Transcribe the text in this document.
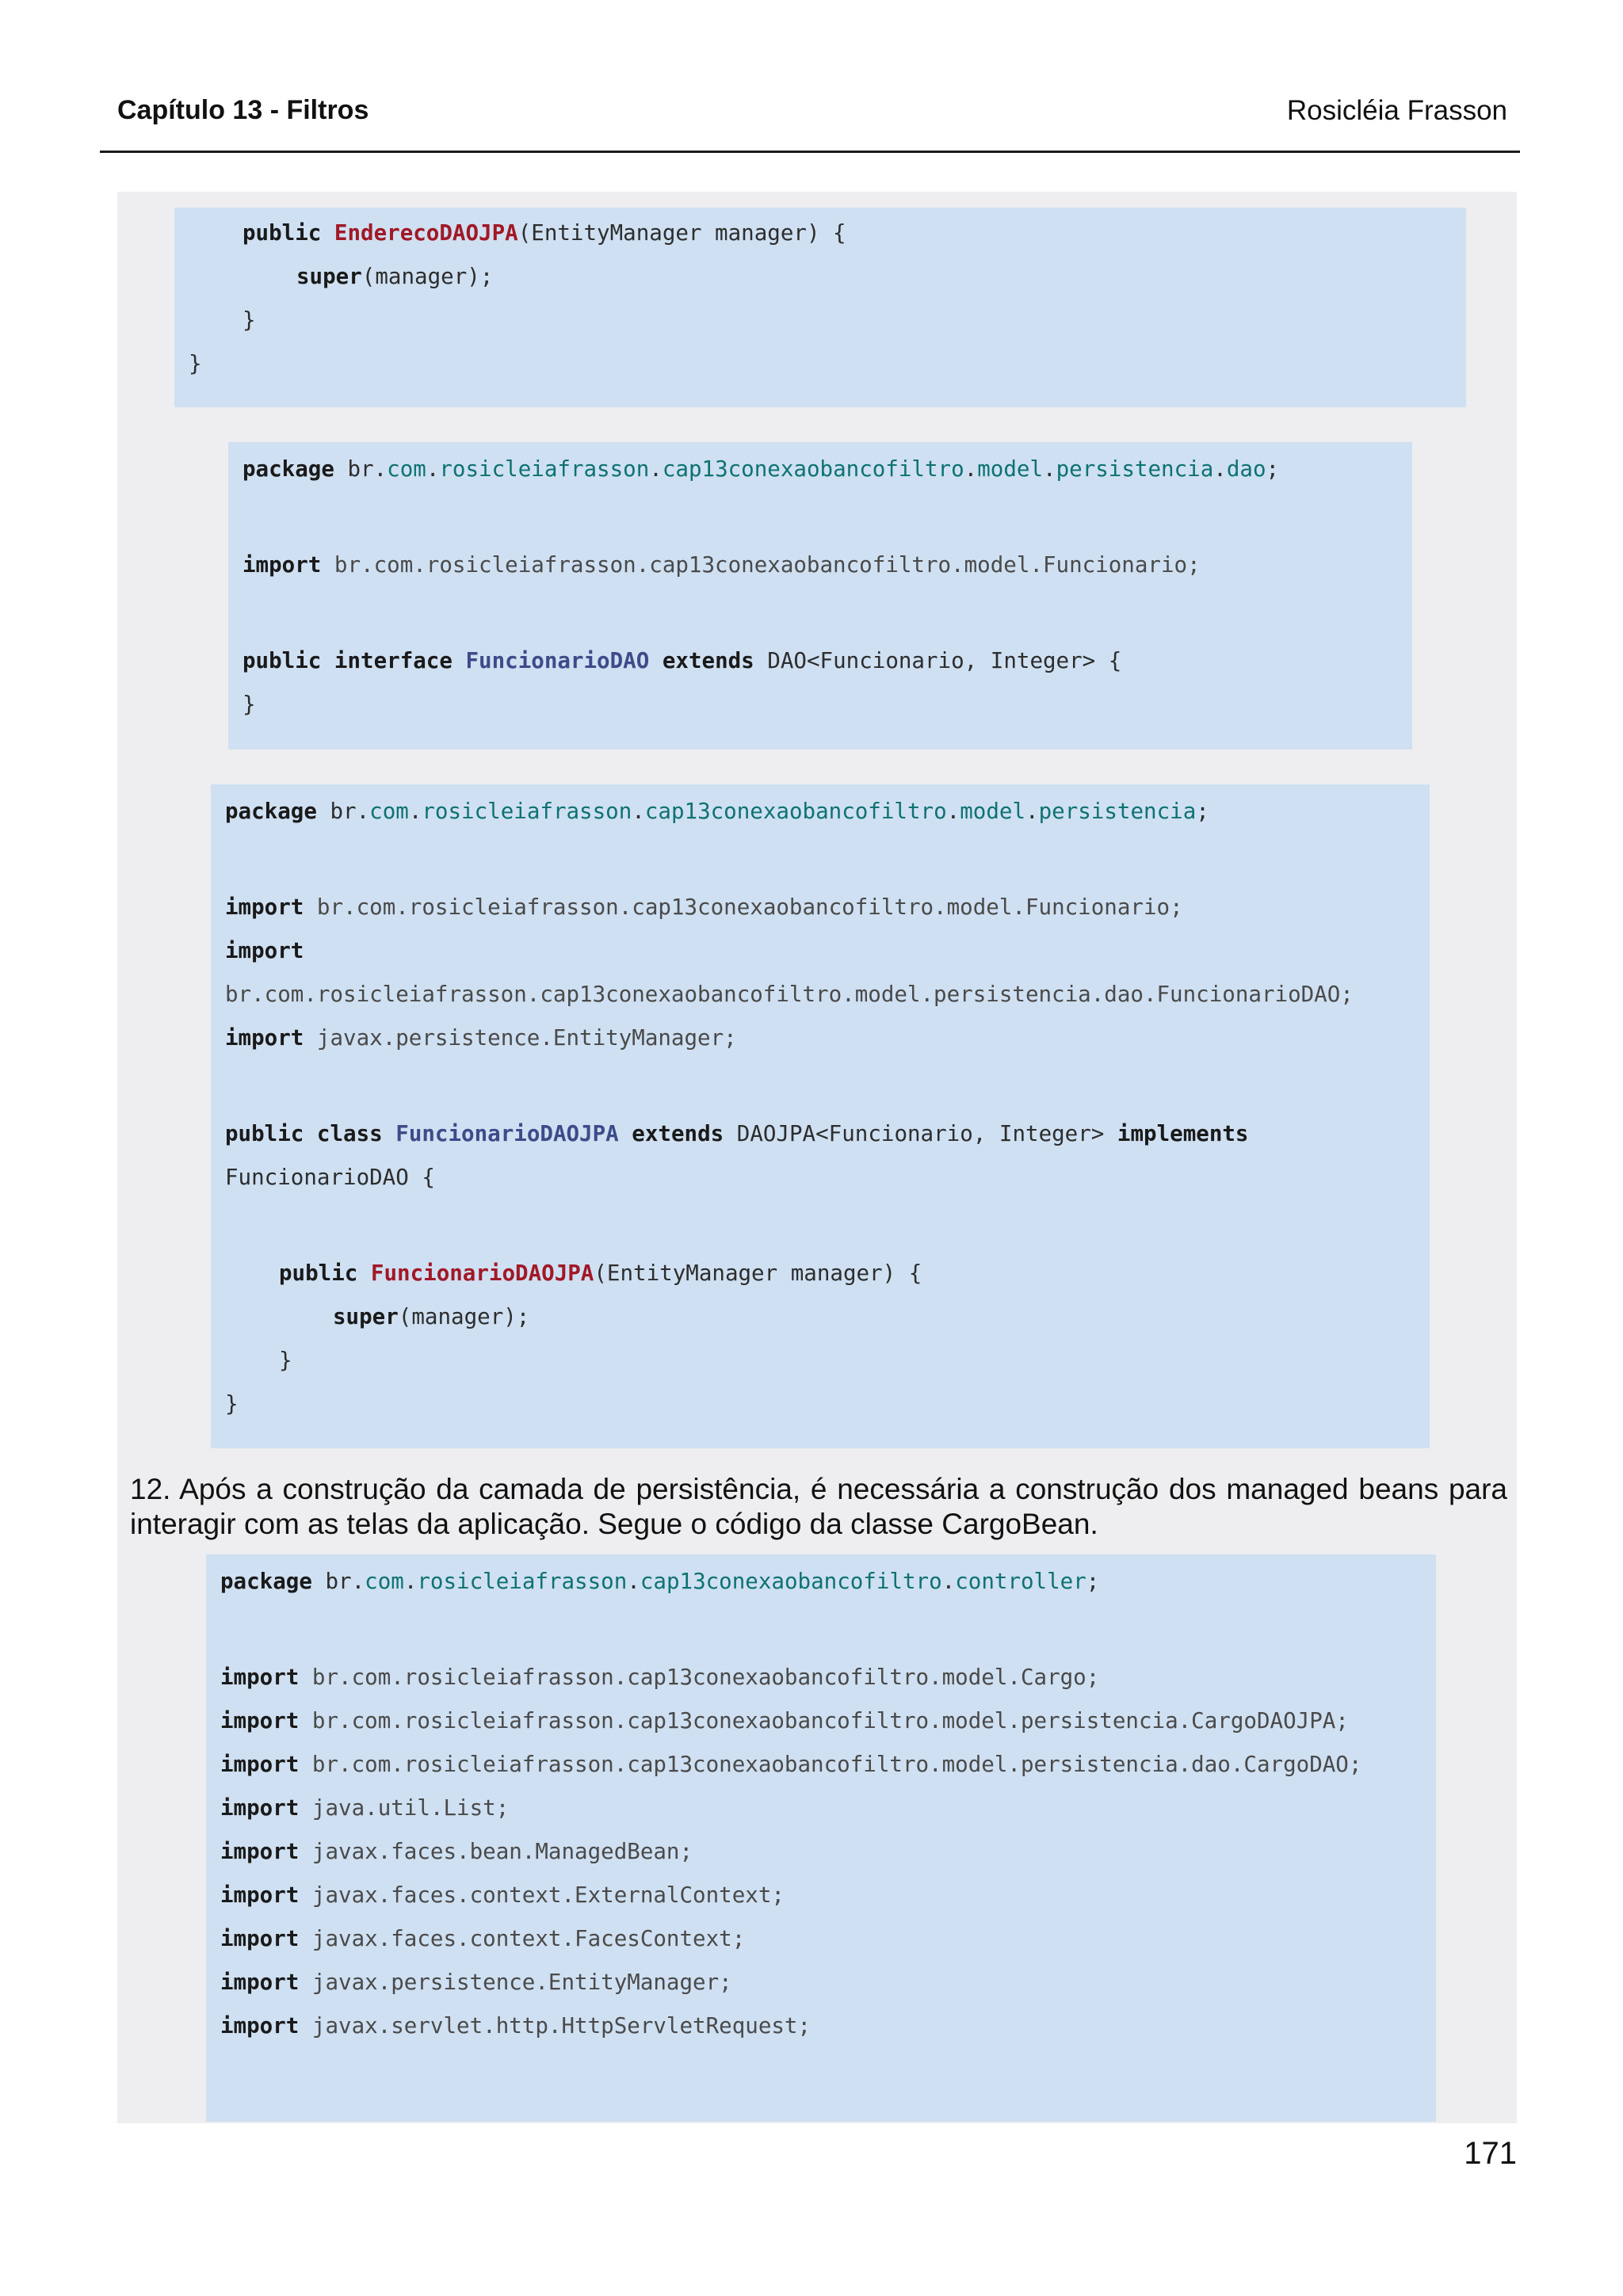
Capítulo 13 - Filtros	Rosicléia Frasson
public EnderecoDAOJPA(EntityManager manager) {
super(manager);
}
}
package br.com.rosicleiafrasson.cap13conexaobancofiltro.model.persistencia.dao;
import br.com.rosicleiafrasson.cap13conexaobancofiltro.model.Funcionario;
public interface FuncionarioDAO extends DAO<Funcionario, Integer> {
}
package br.com.rosicleiafrasson.cap13conexaobancofiltro.model.persistencia;
import br.com.rosicleiafrasson.cap13conexaobancofiltro.model.Funcionario;
import
br.com.rosicleiafrasson.cap13conexaobancofiltro.model.persistencia.dao.FuncionarioDAO;
import javax.persistence.EntityManager;
public class FuncionarioDAOJPA extends DAOJPA<Funcionario, Integer> implements
FuncionarioDAO {
public FuncionarioDAOJPA(EntityManager manager) {
super(manager);
}
}
12. Após a construção da camada de persistência, é necessária a construção dos managed beans para interagir com as telas da aplicação. Segue o código da classe CargoBean.
package br.com.rosicleiafrasson.cap13conexaobancofiltro.controller;
import br.com.rosicleiafrasson.cap13conexaobancofiltro.model.Cargo;
import br.com.rosicleiafrasson.cap13conexaobancofiltro.model.persistencia.CargoDAOJPA;
import br.com.rosicleiafrasson.cap13conexaobancofiltro.model.persistencia.dao.CargoDAO;
import java.util.List;
import javax.faces.bean.ManagedBean;
import javax.faces.context.ExternalContext;
import javax.faces.context.FacesContext;
import javax.persistence.EntityManager;
import javax.servlet.http.HttpServletRequest;
171
